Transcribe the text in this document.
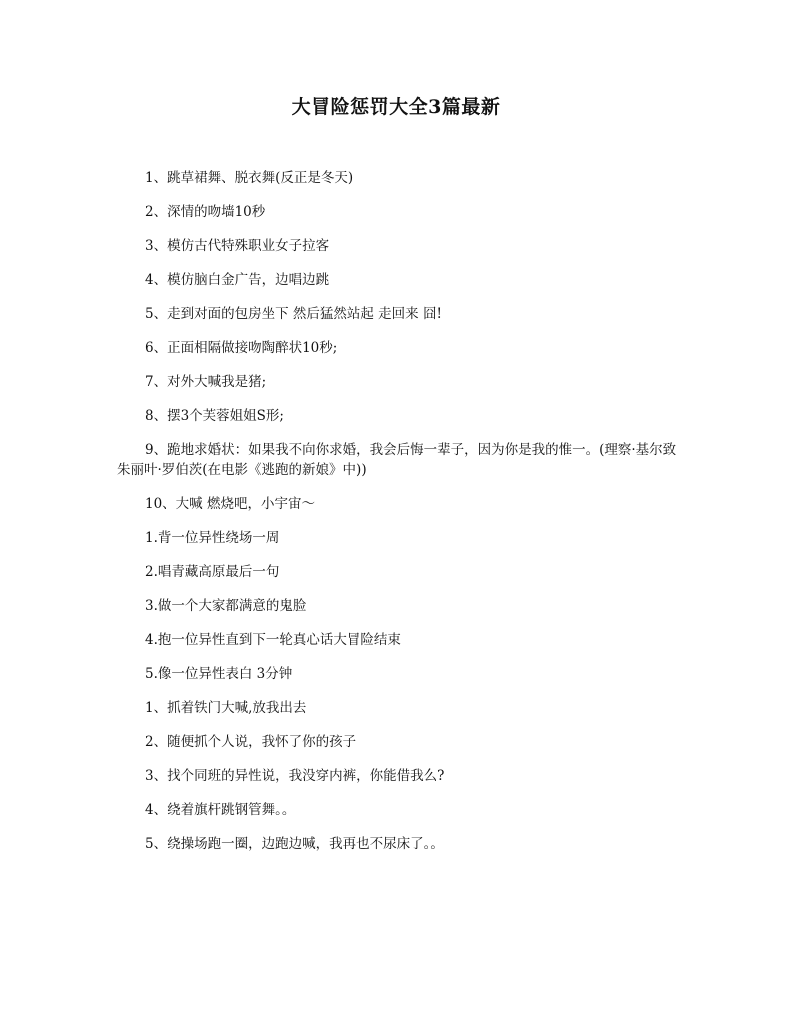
大冒险惩罚大全3篇最新

1、跳草裙舞、脱衣舞(反正是冬天)

2、深情的吻墙10秒

3、模仿古代特殊职业女子拉客

4、模仿脑白金广告，边唱边跳

5、走到对面的包房坐下 然后猛然站起 走回来 囧!

6、正面相隔做接吻陶醉状10秒;

7、对外大喊我是猪;

8、摆3个芙蓉姐姐S形;

9、跪地求婚状：如果我不向你求婚，我会后悔一辈子，因为你是我的惟一。(理察·基尔致朱丽叶·罗伯茨(在电影《逃跑的新娘》中))

10、大喊 燃烧吧，小宇宙～

1.背一位异性绕场一周

2.唱青藏高原最后一句

3.做一个大家都满意的鬼脸

4.抱一位异性直到下一轮真心话大冒险结束

5.像一位异性表白 3分钟

1、抓着铁门大喊,放我出去

2、随便抓个人说，我怀了你的孩子

3、找个同班的异性说，我没穿内裤，你能借我么?

4、绕着旗杆跳钢管舞。。

5、绕操场跑一圈，边跑边喊，我再也不尿床了。。
